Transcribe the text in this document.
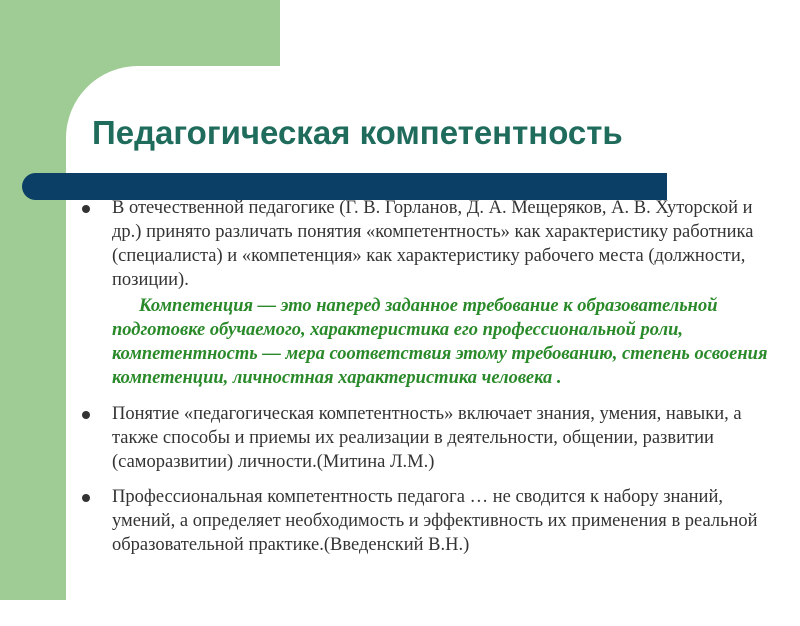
Педагогическая компетентность

В отечественной педагогике (Г. В. Горланов, Д. А. Мещеряков, А. В. Хуторской и др.) принято различать понятия «компетентность» как характеристику работника (специалиста) и «компетенция» как характеристику рабочего места (должности, позиции).

Компетенция — это наперед заданное требование к образовательной подготовке обучаемого, характеристика его профессиональной роли, компетентность — мера соответствия этому требованию, степень освоения компетенции, личностная характеристика человека .

Понятие «педагогическая компетентность» включает знания, умения, навыки, а также способы и приемы их реализации в деятельности, общении, развитии (саморазвитии) личности.(Митина Л.М.)

Профессиональная компетентность педагога … не сводится к набору знаний, умений, а определяет необходимость и эффективность их применения в реальной образовательной практике.(Введенский В.Н.)
